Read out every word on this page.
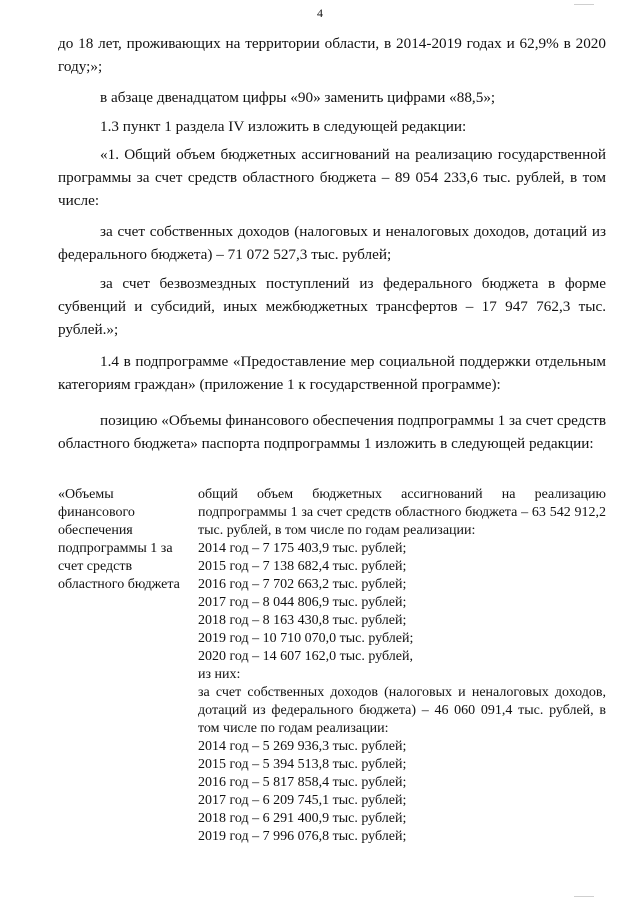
4

до 18 лет, проживающих на территории области, в 2014-2019 годах и 62,9% в 2020 году;»;

в абзаце двенадцатом цифры «90» заменить цифрами «88,5»;

1.3 пункт 1 раздела IV изложить в следующей редакции:

«1. Общий объем бюджетных ассигнований на реализацию государственной программы за счет средств областного бюджета – 89 054 233,6 тыс. рублей, в том числе:

за счет собственных доходов (налоговых и неналоговых доходов, дотаций из федерального бюджета) – 71 072 527,3 тыс. рублей;

за счет безвозмездных поступлений из федерального бюджета в форме субвенций и субсидий, иных межбюджетных трансфертов – 17 947 762,3 тыс. рублей.»;

1.4 в подпрограмме «Предоставление мер социальной поддержки отдельным категориям граждан» (приложение 1 к государственной программе):

позицию «Объемы финансового обеспечения подпрограммы 1 за счет средств областного бюджета» паспорта подпрограммы 1 изложить в следующей редакции:

«Объемы финансового обеспечения подпрограммы 1 за счет средств областного бюджета
общий объем бюджетных ассигнований на реализацию подпрограммы 1 за счет средств областного бюджета – 63 542 912,2 тыс. рублей, в том числе по годам реализации:
2014 год – 7 175 403,9 тыс. рублей;
2015 год – 7 138 682,4 тыс. рублей;
2016 год – 7 702 663,2 тыс. рублей;
2017 год – 8 044 806,9 тыс. рублей;
2018 год – 8 163 430,8 тыс. рублей;
2019 год – 10 710 070,0 тыс. рублей;
2020 год – 14 607 162,0 тыс. рублей,
из них:
за счет собственных доходов (налоговых и неналоговых доходов, дотаций из федерального бюджета) – 46 060 091,4 тыс. рублей, в том числе по годам реализации:
2014 год – 5 269 936,3 тыс. рублей;
2015 год – 5 394 513,8 тыс. рублей;
2016 год – 5 817 858,4 тыс. рублей;
2017 год – 6 209 745,1 тыс. рублей;
2018 год – 6 291 400,9 тыс. рублей;
2019 год – 7 996 076,8 тыс. рублей;
